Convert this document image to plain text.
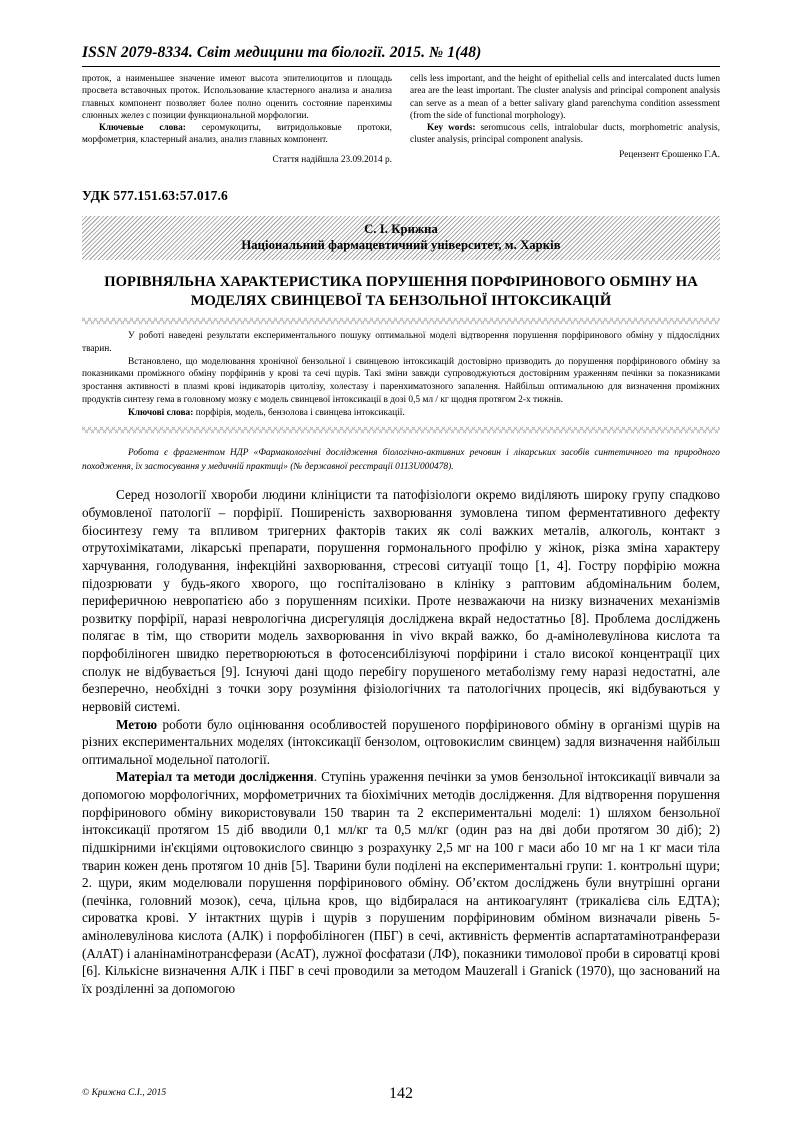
ISSN 2079-8334. Світ медицини та біології. 2015. № 1(48)

проток, а наименьшее значение имеют высота эпителиоцитов и площадь просвета вставочных проток. Использование кластерного анализа и анализа главных компонент позволяет более полно оценить состояние паренхимы слюнных желез с позиции функциональной морфологии.

Ключевые слова: серомукоциты, витридольковые протоки, морфометрия, кластерный анализ, анализ главных компонент.

Стаття надійшла 23.09.2014 р.

cells less important, and the height of epithelial cells and intercalated ducts lumen area are the least important. The cluster analysis and principal component analysis can serve as a mean of a better salivary gland parenchyma condition assessment (from the side of functional morphology).

Key words: seromucous cells, intralobular ducts, morphometric analysis, cluster analysis, principal component analysis.

Рецензент Єрошенко Г.А.

УДК 577.151.63:57.017.6
С. І. Крижна
Національний фармацевтичний університет, м. Харків
ПОРІВНЯЛЬНА ХАРАКТЕРИСТИКА ПОРУШЕННЯ ПОРФІРИНОВОГО ОБМІНУ НА МОДЕЛЯХ СВИНЦЕВОЇ ТА БЕНЗОЛЬНОЇ ІНТОКСИКАЦІЙ

У роботі наведені результати експериментального пошуку оптимальної моделі відтворення порушення порфіринового обміну у піддослідних тварин.

Встановлено, що моделювання хронічної бензольної і свинцевою інтоксикацій достовірно призводить до порушення порфіринового обміну за показниками проміжного обміну порфіринів у крові та сечі щурів. Такі зміни завжди супроводжуються достовірним ураженням печінки за показниками зростання активності в плазмі крові індикаторів цитолізу, холестазу і паренхиматозного запалення. Найбільш оптимальною для визначення проміжних продуктів синтезу гема в головному мозку є модель свинцевої інтоксикації в дозі 0,5 мл / кг щодня протягом 2-х тижнів.

Ключові слова: порфірія, модель, бензолова і свинцева інтоксикації.

Робота є фрагментом НДР «Фармакологічні дослідження біологічно-активних речовин і лікарських засобів синтетичного та природного походження, їх застосування у медичній практиці» (№ державної реєстрації 0113U000478).

Серед нозології хвороби людини клініцисти та патофізіологи окремо виділяють широку групу спадково обумовленої патології – порфірії. Поширеність захворювання зумовлена типом ферментативного дефекту біосинтезу гему та впливом тригерних факторів таких як солі важких металів, алкоголь, контакт з отрутохімікатами, лікарські препарати, порушення гормонального профілю у жінок, різка зміна характеру харчування, голодування, інфекційні захворювання, стресові ситуації тощо [1, 4]. Гостру порфірію можна підозрювати у будь-якого хворого, що госпіталізовано в клініку з раптовим абдомінальним болем, периферичною невропатією або з порушенням психіки. Проте незважаючи на низку визначених механізмів розвитку порфірії, наразі неврологічна дисрегуляція досліджена вкрай недостатньо [8]. Проблема досліджень полягає в тім, що створити модель захворювання in vivo вкрай важко, бо д-амінолевулінова кислота та порфобіліноген швидко перетворюються в фотосенсибілізуючі порфірини і стало високої концентрації цих сполук не відбувається [9]. Існуючі дані щодо перебігу порушеного метаболізму гему наразі недостатні, але безперечно, необхідні з точки зору розуміння фізіологічних та патологічних процесів, які відбуваються у нервовій системі.

Метою роботи було оцінювання особливостей порушеного порфіринового обміну в організмі щурів на різних експериментальних моделях (інтоксикації бензолом, оцтовокислим свинцем) задля визначення найбільш оптимальної модельної патології.

Матеріал та методи дослідження. Ступінь ураження печінки за умов бензольної інтоксикації вивчали за допомогою морфологічних, морфометричних та біохімічних методів дослідження. Для відтворення порушення порфіринового обміну використовували 150 тварин та 2 експериментальні моделі: 1) шляхом бензольної інтоксикації протягом 15 діб вводили 0,1 мл/кг та 0,5 мл/кг (один раз на дві доби протягом 30 діб); 2) підшкірними ін'єкціями оцтовокислого свинцю з розрахунку 2,5 мг на 100 г маси або 10 мг на 1 кг маси тіла тварин кожен день протягом 10 днів [5]. Тварини були поділені на експериментальні групи: 1. контрольні щури; 2. щури, яким моделювали порушення порфіринового обміну. Об’єктом досліджень були внутрішні органи (печінка, головний мозок), сеча, цільна кров, що відбиралася на антикоагулянт (трикалієва сіль ЕДТА); сироватка крові. У інтактних щурів і щурів з порушеним порфіриновим обміном визначали рівень 5- амінолевулінова кислота (АЛК) і порфобіліноген (ПБГ) в сечі, активність ферментів аспартатамінотранферази (АлАТ) і аланінамінотрансферази (АсАТ), лужної фосфатази (ЛФ), показники тимолової проби в сироватці крові [6]. Кількісне визначення АЛК і ПБГ в сечі проводили за методом Mauzerall і Granick (1970), що заснований на їх розділенні за допомогою

© Крижна С.І., 2015	142
